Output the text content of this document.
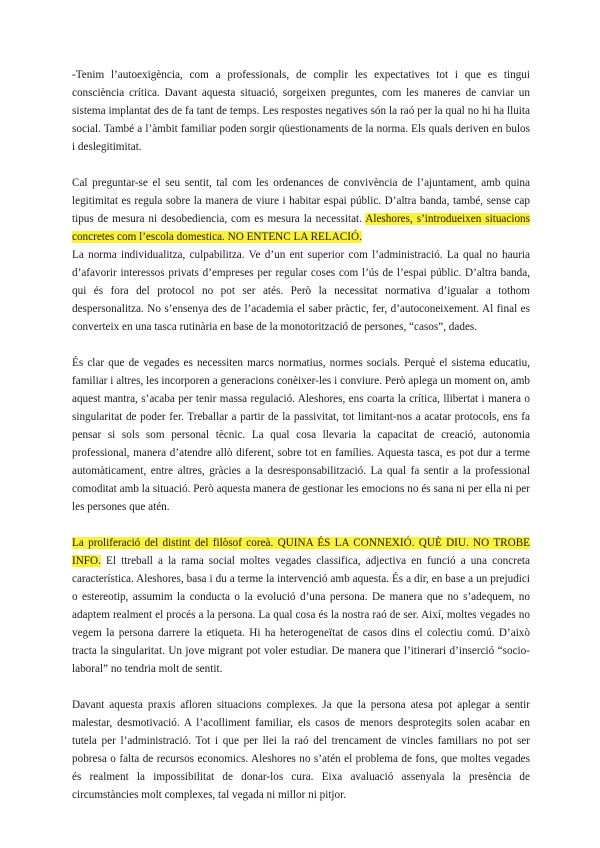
-Tenim l’autoexigència, com a professionals, de complir les expectatives tot i que es tingui consciència crítica. Davant aquesta situació, sorgeixen preguntes, com les maneres de canviar un sistema implantat des de fa tant de temps. Les respostes negatives són la raó per la qual no hi ha lluita social. També a l’àmbit familiar poden sorgir qüestionaments de la norma. Els quals deriven en bulos i deslegitimitat.

Cal preguntar-se el seu sentit, tal com les ordenances de convivència de l’ajuntament, amb quina legitimitat es regula sobre la manera de viure i habitar espai públic. D’altra banda, també, sense cap tipus de mesura ni desobediencia, com es mesura la necessitat. Aleshores, s’introdueixen situacions concretes com l’escola domestica. NO ENTENC LA RELACIÓ.

La norma individualitza, culpabilitza. Ve d’un ent superior com l’administració. La qual no hauria d’afavorir interessos privats d’empreses per regular coses com l’ús de l’espai públic. D’altra banda, qui és fora del protocol no pot ser atés. Però la necessitat normativa d’igualar a tothom despersonalitza. No s’ensenya des de l’academia el saber pràctic, fer, d’autoconeixement. Al final es converteix en una tasca rutinària en base de la monotorització de persones, “casos”, dades.

És clar que de vegades es necessiten marcs normatius, normes socials. Perquè el sistema educatiu, familiar i altres, les incorporen a generacions conèixer-les i conviure. Però aplega un moment on, amb aquest mantra, s’acaba per tenir massa regulació. Aleshores, ens coarta la crítica, llibertat i manera o singularitat de poder fer. Treballar a partir de la passivitat, tot limitant-nos a acatar protocols, ens fa pensar si sols som personal tècnic. La qual cosa llevaria la capacitat de creació, autonomia professional, manera d’atendre allò diferent, sobre tot en famílies. Aquesta tasca, es pot dur a terme automàticament, entre altres, gràcies a la desresponsabilització. La qual fa sentir a la professional comoditat amb la situació. Però aquesta manera de gestionar les emocions no és sana ni per ella ni per les persones que atén.

La proliferació del distint del filòsof coreà. QUINA ÉS LA CONNEXIÓ. QUÈ DIU. NO TROBE INFO. El ttreball a la rama social moltes vegades classifica, adjectiva en funció a una concreta característica. Aleshores, basa i du a terme la intervenció amb aquesta. És a dir, en base a un prejudici o estereotip, assumim la conducta o la evolució d’una persona. De manera que no s’adequem, no adaptem realment el procés a la persona. La qual cosa és la nostra raó de ser. Així, moltes vegades no vegem la persona darrere la etiqueta. Hi ha heterogeneïtat de casos dins el colectiu comú. D’això tracta la singularitat. Un jove migrant pot voler estudiar. De manera que l’itinerari d’inserció “socio-laboral” no tendria molt de sentit.

Davant aquesta praxis afloren situacions complexes. Ja que la persona atesa pot aplegar a sentir malestar, desmotivació. A l’acolliment familiar, els casos de menors desprotegits solen acabar en tutela per l’administració. Tot i que per llei la raó del trencament de vincles familiars no pot ser pobresa o falta de recursos economics. Aleshores no s’atén el problema de fons, que moltes vegades és realment la impossibilitat de donar-los cura. Eixa avaluació assenyala la presència de circumstàncies molt complexes, tal vegada ni millor ni pitjor.
